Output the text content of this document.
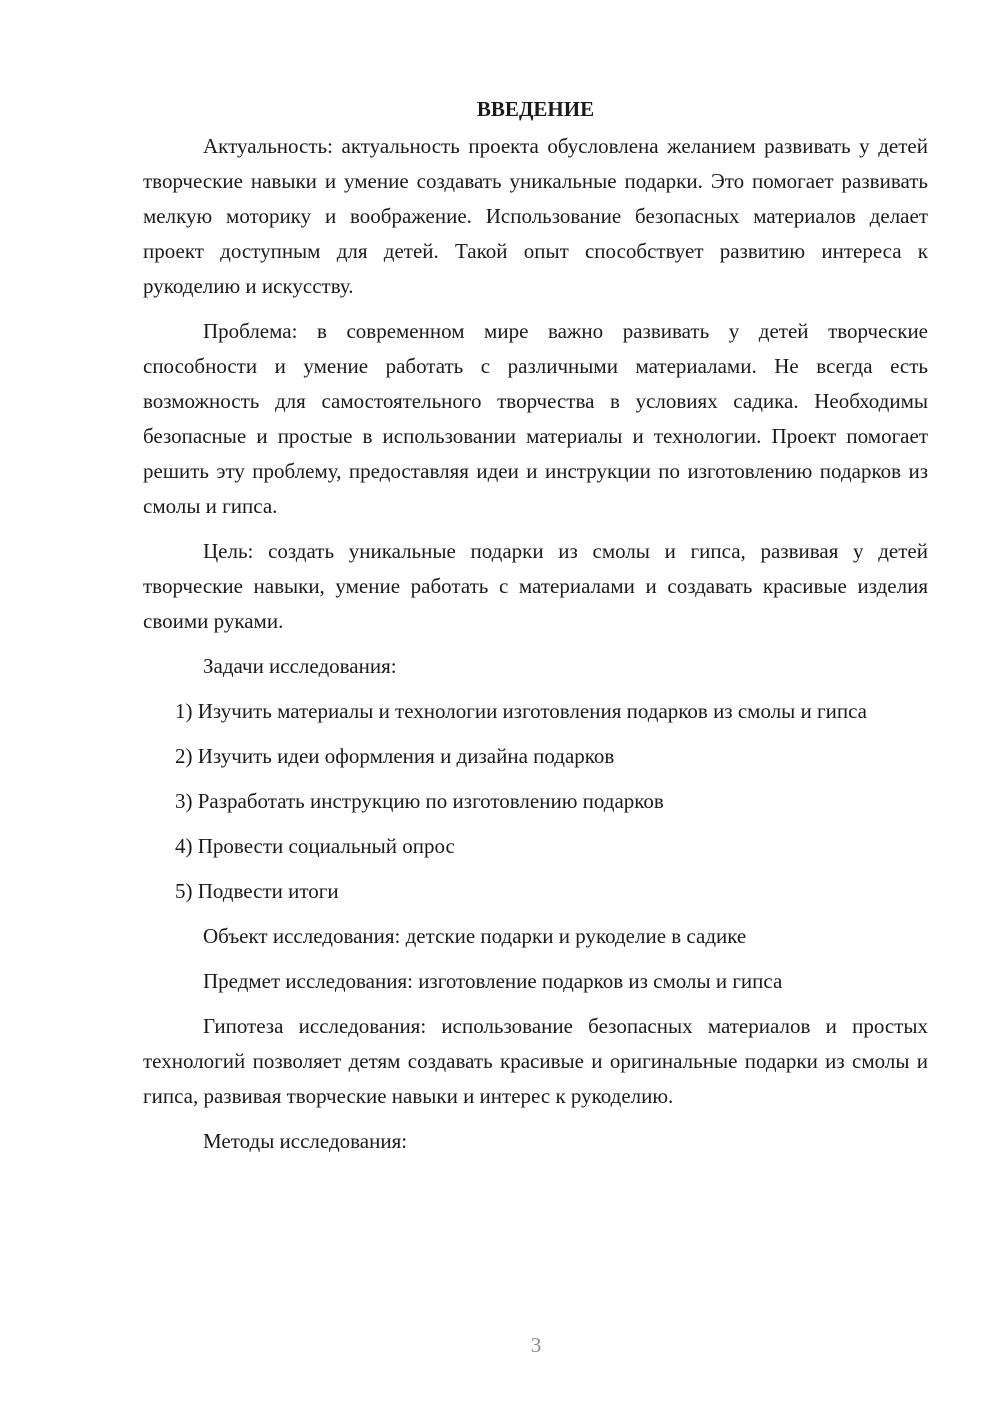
ВВЕДЕНИЕ

Актуальность: актуальность проекта обусловлена желанием развивать у детей творческие навыки и умение создавать уникальные подарки. Это помогает развивать мелкую моторику и воображение. Использование безопасных материалов делает проект доступным для детей. Такой опыт способствует развитию интереса к рукоделию и искусству.

Проблема: в современном мире важно развивать у детей творческие способности и умение работать с различными материалами. Не всегда есть возможность для самостоятельного творчества в условиях садика. Необходимы безопасные и простые в использовании материалы и технологии. Проект помогает решить эту проблему, предоставляя идеи и инструкции по изготовлению подарков из смолы и гипса.

Цель: создать уникальные подарки из смолы и гипса, развивая у детей творческие навыки, умение работать с материалами и создавать красивые изделия своими руками.

Задачи исследования:

1) Изучить материалы и технологии изготовления подарков из смолы и гипса

2) Изучить идеи оформления и дизайна подарков

3) Разработать инструкцию по изготовлению подарков

4) Провести социальный опрос

5) Подвести итоги

Объект исследования: детские подарки и рукоделие в садике

Предмет исследования: изготовление подарков из смолы и гипса

Гипотеза исследования: использование безопасных материалов и простых технологий позволяет детям создавать красивые и оригинальные подарки из смолы и гипса, развивая творческие навыки и интерес к рукоделию.

Методы исследования:

3
